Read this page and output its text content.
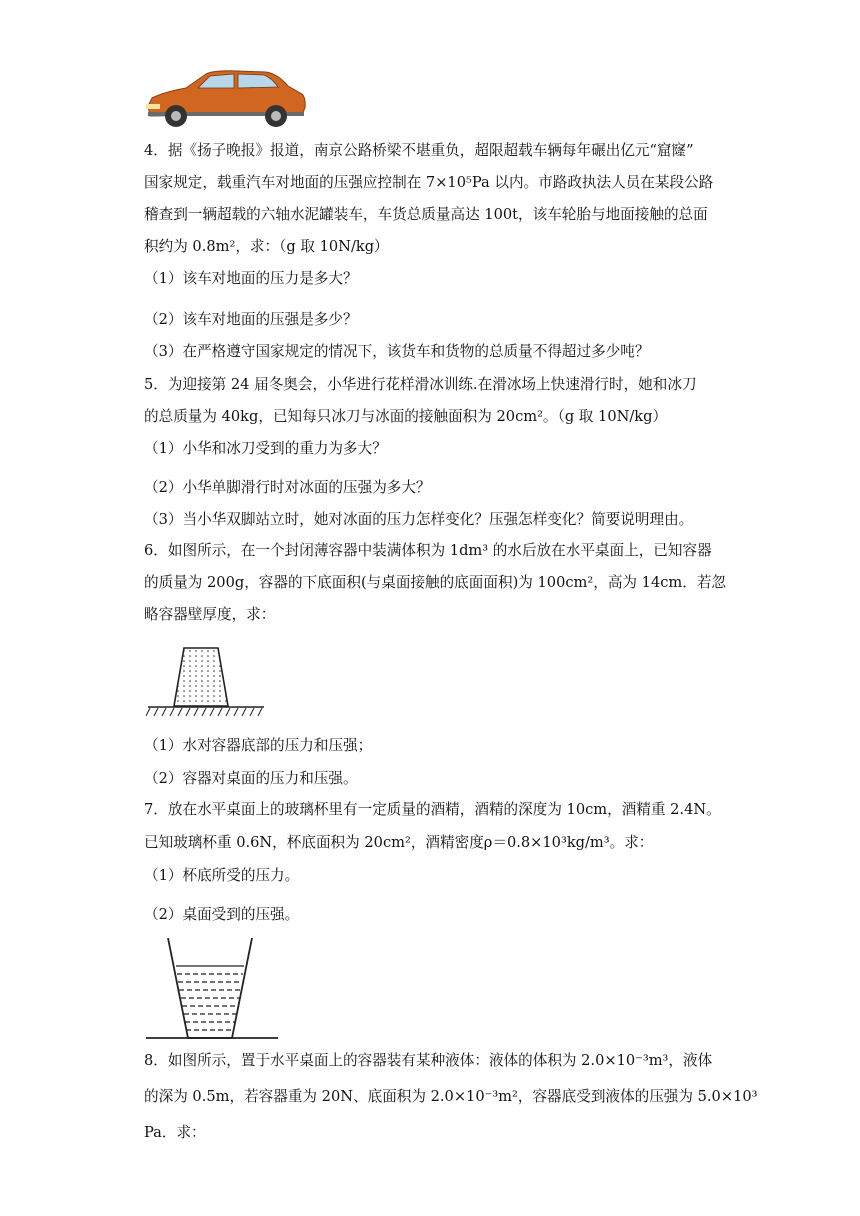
4．据《扬子晚报》报道，南京公路桥梁不堪重负，超限超载车辆每年碾出亿元“窟窿”
国家规定，载重汽车对地面的压强应控制在 7×10⁵Pa 以内。市路政执法人员在某段公路
稽查到一辆超载的六轴水泥罐装车，车货总质量高达 100t，该车轮胎与地面接触的总面
积约为 0.8m²，求：（g 取 10N/kg）
（1）该车对地面的压力是多大？
（2）该车对地面的压强是多少？
（3）在严格遵守国家规定的情况下，该货车和货物的总质量不得超过多少吨？
5．为迎接第 24 届冬奥会，小华进行花样滑冰训练.在滑冰场上快速滑行时，她和冰刀
的总质量为 40kg，已知每只冰刀与冰面的接触面积为 20cm²。（g 取 10N/kg）
（1）小华和冰刀受到的重力为多大？
（2）小华单脚滑行时对冰面的压强为多大？
（3）当小华双脚站立时，她对冰面的压力怎样变化？压强怎样变化？简要说明理由。
6．如图所示，在一个封闭薄容器中装满体积为 1dm³ 的水后放在水平桌面上，已知容器
的质量为 200g，容器的下底面积(与桌面接触的底面面积)为 100cm²，高为 14cm．若忽
略容器壁厚度，求：
（1）水对容器底部的压力和压强；
（2）容器对桌面的压力和压强。
7．放在水平桌面上的玻璃杯里有一定质量的酒精，酒精的深度为 10cm，酒精重 2.4N。
已知玻璃杯重 0.6N，杯底面积为 20cm²，酒精密度ρ＝0.8×10³kg/m³。求：
（1）杯底所受的压力。
（2）桌面受到的压强。
8．如图所示，置于水平桌面上的容器装有某种液体：液体的体积为 2.0×10⁻³m³，液体
的深为 0.5m，若容器重为 20N、底面积为 2.0×10⁻³m²，容器底受到液体的压强为 5.0×10³
Pa．求：
